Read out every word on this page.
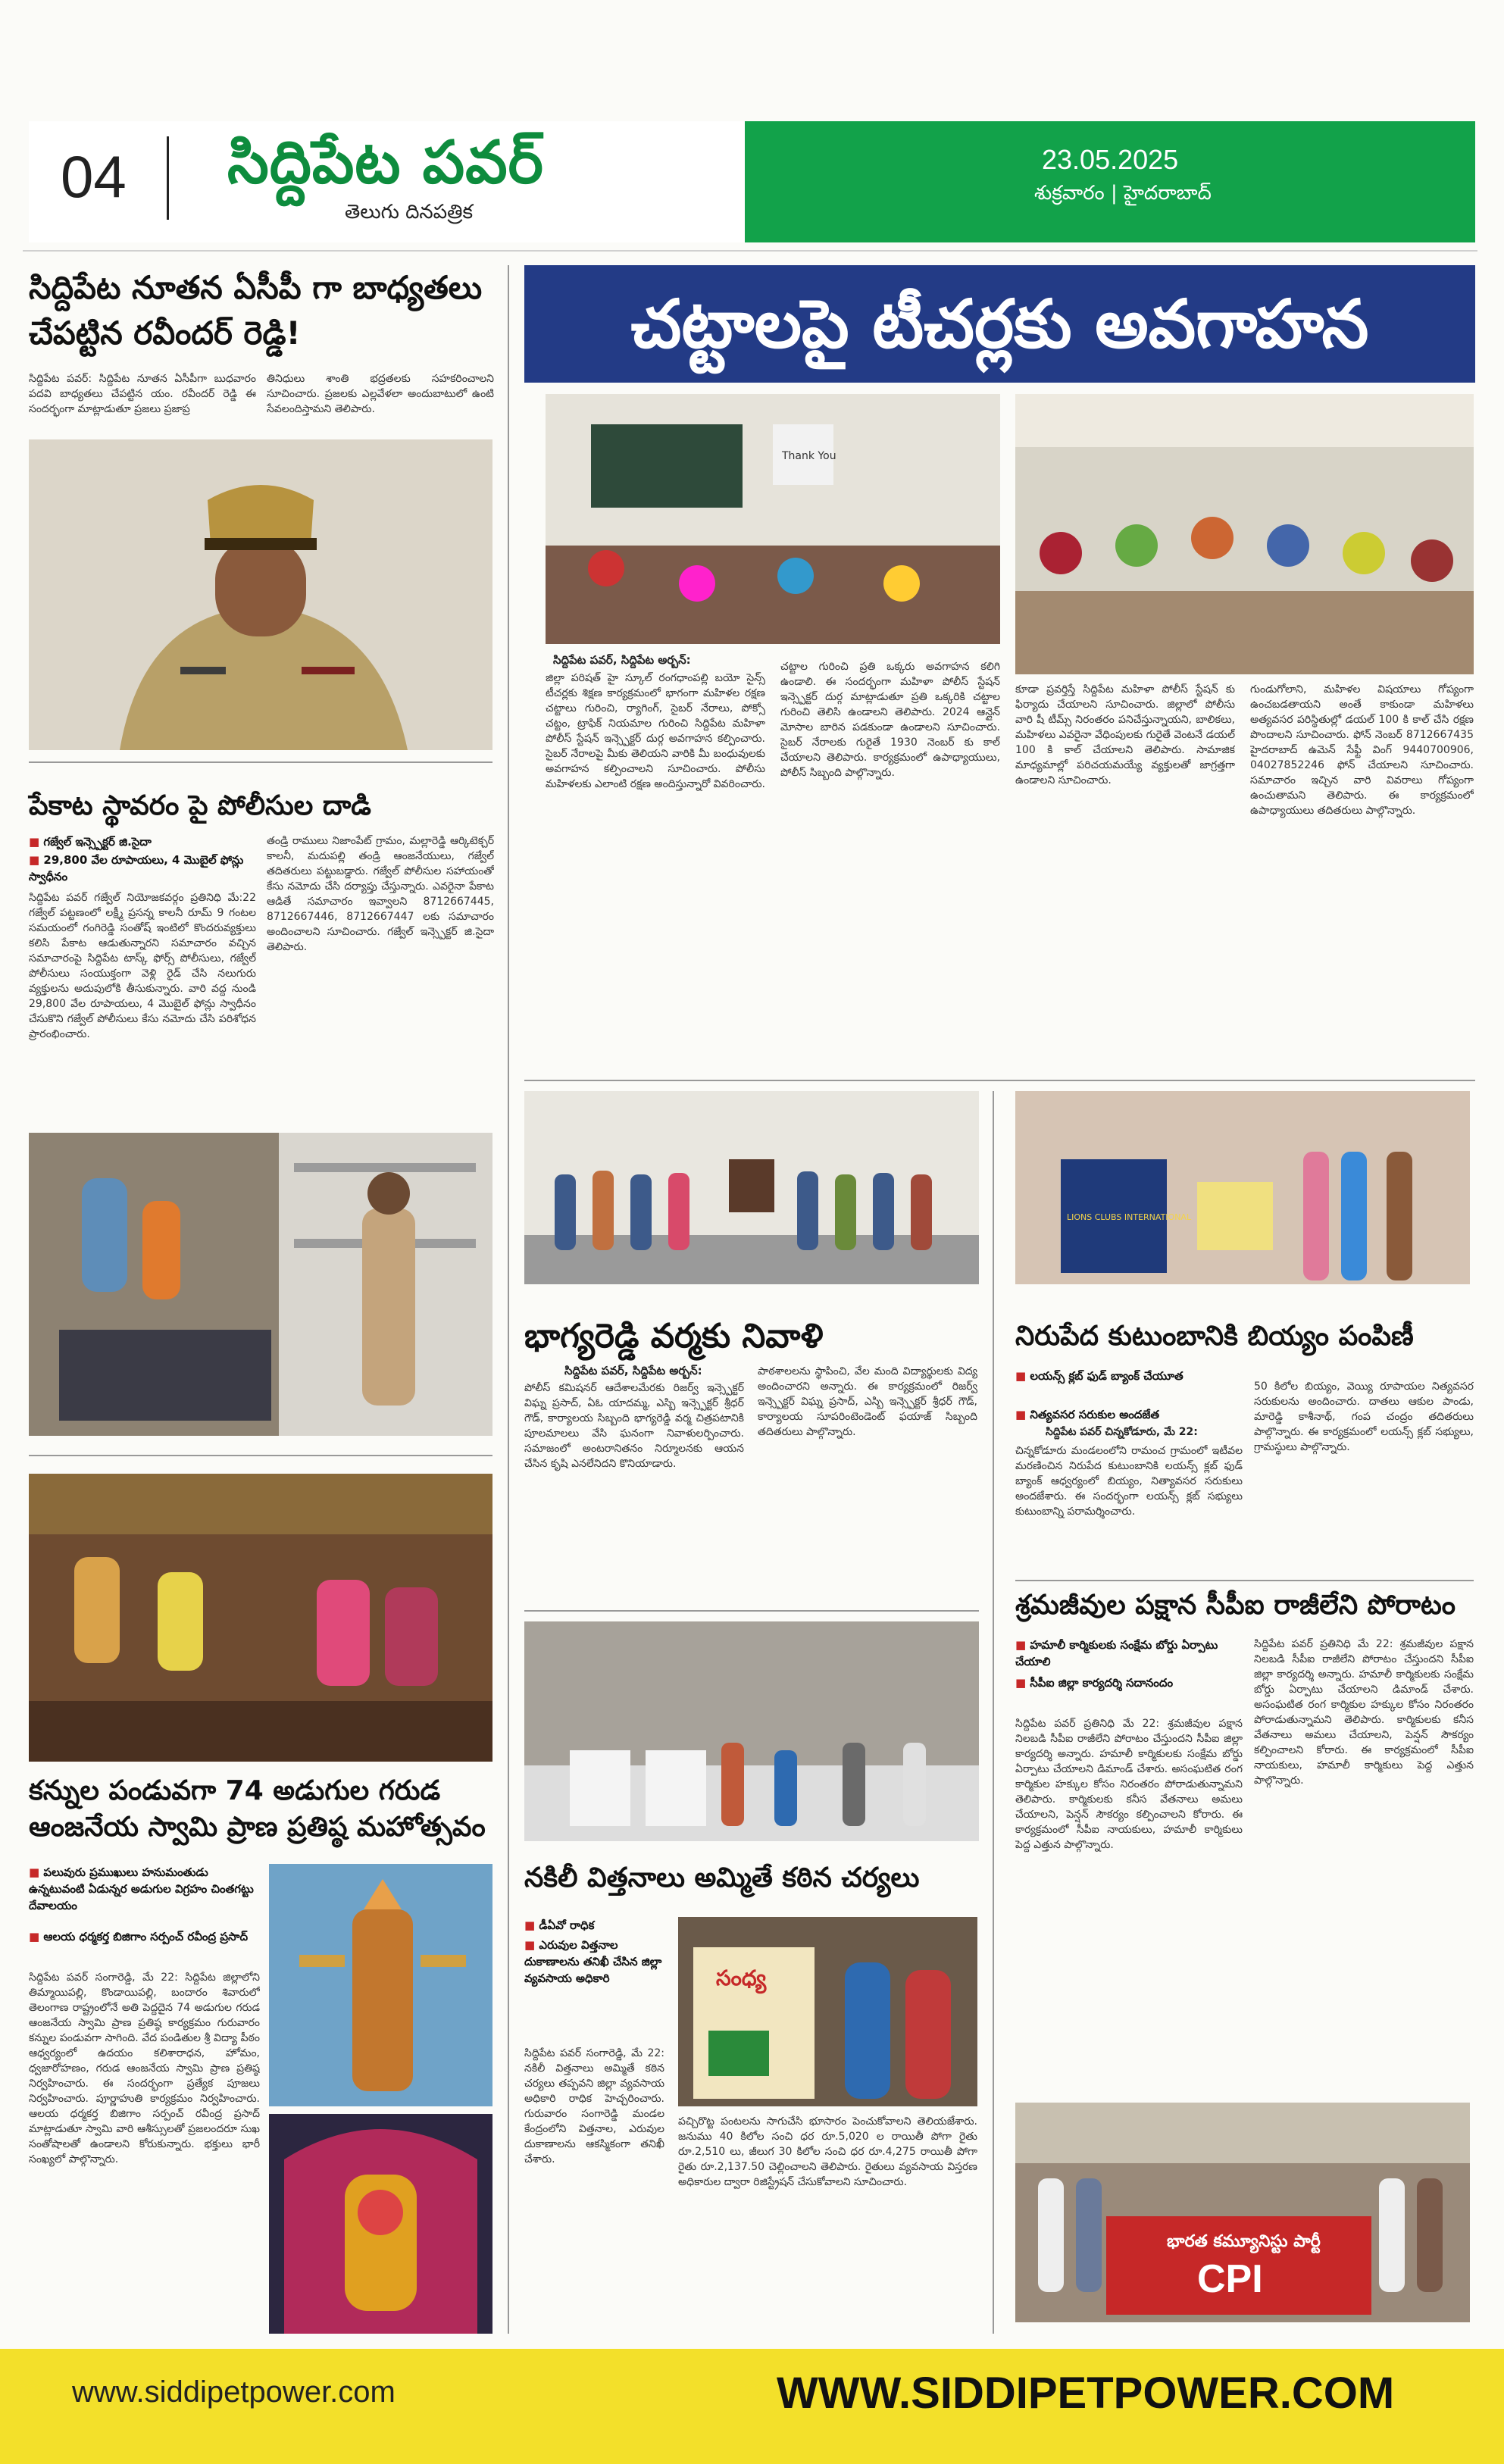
04 సిద్దిపేట పవర్
తెలుగు దినపత్రిక
23.05.2025
శుక్రవారం | హైదరాబాద్
సిద్దిపేట నూతన ఏసీపీ గా బాధ్యతలు చేపట్టిన రవీందర్ రెడ్డి!
సిద్దిపేట పవర్: సిద్దిపేట నూతన ఏసీపీగా బుధవారం పదవి బాధ్యతలు చేపట్టిన యం. రవీందర్ రెడ్డి ఈ సందర్భంగా మాట్లాడుతూ ప్రజలు ప్రజాప్ర
తినిధులు శాంతి భద్రతలకు సహకరించాలని సూచించారు. ప్రజలకు ఎల్లవేళలా అందుబాటులో ఉంటి సేవలందిస్తామని తెలిపారు.
పేకాట స్థావరం పై పోలీసుల దాడి
■ గజ్వేల్ ఇన్స్పెక్టర్ జి.సైదా
■ 29,800 వేల రూపాయలు, 4 మొబైల్ ఫోన్లు స్వాధీనం
సిద్దిపేట పవర్ గజ్వేల్ నియోజకవర్గం ప్రతినిధి మే:22 గజ్వేల్ పట్టణంలో లక్ష్మీ ప్రసన్న కాలనీ రూమ్ 9 గంటల సమయంలో గంగిరెడ్డి సంతోష్ ఇంటిలో కొందరువ్యక్తులు కలిసి పేకాట ఆడుతున్నారని సమాచారం వచ్చిన సమాచారంపై సిద్దిపేట టాస్క్ ఫోర్స్ పోలీసులు, గజ్వేల్ పోలీసులు సంయుక్తంగా వెళ్లి రైడ్ చేసి నలుగురు వ్యక్తులను అదుపులోకి తీసుకున్నారు. వారి వద్ద నుండి 29,800 వేల రూపాయలు, 4 మొబైల్ ఫోన్లు స్వాధీనం చేసుకొని గజ్వేల్ పోలీసులు కేసు నమోదు చేసి పరిశోధన ప్రారంభించారు.
తండ్రి రాములు నిజాంపేట్ గ్రామం, మల్లారెడ్డి ఆర్కిటెక్చర్ కాలనీ, మదుపల్లి తండ్రి ఆంజనేయులు, గజ్వేల్ తదితరులు పట్టుబడ్డారు. గజ్వేల్ పోలీసుల సహాయంతో కేసు నమోదు చేసి దర్యాప్తు చేస్తున్నారు. ఎవరైనా పేకాట ఆడితే సమాచారం ఇవ్వాలని 8712667445, 8712667446, 8712667447 లకు సమాచారం అందించాలని సూచించారు. గజ్వేల్ ఇన్స్పెక్టర్ జి.సైదా తెలిపారు.
కన్నుల పండువగా 74 అడుగుల గరుడ ఆంజనేయ స్వామి ప్రాణ ప్రతిష్ఠ మహోత్సవం
■ పలువురు ప్రముఖులు హనుమంతుడు ఉన్నటువంటి ఏడున్నర అడుగుల విగ్రహం చింతగట్టు దేవాలయం
■ ఆలయ ధర్మకర్త బిజిగాం సర్పంచ్ రవీంద్ర ప్రసాద్
సిద్దిపేట పవర్ సంగారెడ్డి, మే 22: సిద్దిపేట జిల్లాలోని తిమ్మాయిపల్లి, కొండాయిపల్లి, బందారం శివారులో తెలంగాణ రాష్ట్రంలోనే అతి పెద్దదైన 74 అడుగుల గరుడ ఆంజనేయ స్వామి ప్రాణ ప్రతిష్ఠ కార్యక్రమం గురువారం కన్నుల పండువగా సాగింది. వేద పండితుల శ్రీ విద్యా పీఠం ఆధ్వర్యంలో ఉదయం కలిశారాధన, హోమం, ధ్వజారోహణం, గరుడ ఆంజనేయ స్వామి ప్రాణ ప్రతిష్ఠ నిర్వహించారు. ఈ సందర్భంగా ప్రత్యేక పూజలు నిర్వహించారు. పూర్ణాహుతి కార్యక్రమం నిర్వహించారు. ఆలయ ధర్మకర్త బిజిగాం సర్పంచ్ రవీంద్ర ప్రసాద్ మాట్లాడుతూ స్వామి వారి ఆశీస్సులతో ప్రజలందరూ సుఖ సంతోషాలతో ఉండాలని కోరుకున్నారు. భక్తులు భారీ సంఖ్యలో పాల్గొన్నారు.
చట్టాలపై టీచర్లకు అవగాహన
Thank You
సిద్దిపేట పవర్, సిద్దిపేట అర్బన్:
జిల్లా పరిషత్ హై స్కూల్ రంగధాంపల్లి బయో సైన్స్ టీచర్లకు శిక్షణ కార్యక్రమంలో భాగంగా మహిళల రక్షణ చట్టాలు గురించి, ర్యాగింగ్, సైబర్ నేరాలు, పోక్సో చట్టం, ట్రాఫిక్ నియమాల గురించి సిద్దిపేట మహిళా పోలీస్ స్టేషన్ ఇన్స్పెక్టర్ దుర్గ అవగాహన కల్పించారు. సైబర్ నేరాలపై మీకు తెలియని వారికి మీ బంధువులకు అవగాహన కల్పించాలని సూచించారు. పోలీసు మహిళలకు ఎలాంటి రక్షణ అందిస్తున్నారో వివరించారు.
చట్టాల గురించి ప్రతి ఒక్కరు అవగాహన కలిగి ఉండాలి. ఈ సందర్భంగా మహిళా పోలీస్ స్టేషన్ ఇన్స్పెక్టర్ దుర్గ మాట్లాడుతూ ప్రతి ఒక్కరికి చట్టాల గురించి తెలిసి ఉండాలని తెలిపారు. 2024 ఆన్లైన్ మోసాల బారిన పడకుండా ఉండాలని సూచించారు. సైబర్ నేరాలకు గురైతే 1930 నెంబర్ కు కాల్ చేయాలని తెలిపారు. కార్యక్రమంలో ఉపాధ్యాయులు, పోలీస్ సిబ్బంది పాల్గొన్నారు.
కూడా ప్రవర్తిస్తే సిద్దిపేట మహిళా పోలీస్ స్టేషన్ కు ఫిర్యాదు చేయాలని సూచించారు. జిల్లాలో పోలీసు వారి షీ టీమ్స్ నిరంతరం పనిచేస్తున్నాయని, బాలికలు, మహిళలు ఎవరైనా వేధింపులకు గురైతే వెంటనే డయల్ 100 కి కాల్ చేయాలని తెలిపారు. సామాజిక మాధ్యమాల్లో పరిచయమయ్యే వ్యక్తులతో జాగ్రత్తగా ఉండాలని సూచించారు.
గుండుగోలాని, మహిళల విషయాలు గోప్యంగా ఉంచబడతాయని అంతే కాకుండా మహిళలు అత్యవసర పరిస్థితుల్లో డయల్ 100 కి కాల్ చేసి రక్షణ పొందాలని సూచించారు. ఫోన్ నెంబర్ 8712667435 హైదరాబాద్ ఉమెన్ సేఫ్టీ వింగ్ 9440700906, 04027852246 ఫోన్ చేయాలని సూచించారు. సమాచారం ఇచ్చిన వారి వివరాలు గోప్యంగా ఉంచుతామని తెలిపారు. ఈ కార్యక్రమంలో ఉపాధ్యాయులు తదితరులు పాల్గొన్నారు.
భాగ్యరెడ్డి వర్మకు నివాళి
సిద్దిపేట పవర్, సిద్దిపేట అర్బన్:
పోలీస్ కమిషనర్ ఆదేశాలమేరకు రిజర్వ్ ఇన్స్పెక్టర్ విఘ్న ప్రసాద్, ఏఓ యాదమ్మ, ఎస్బి ఇన్స్పెక్టర్ శ్రీధర్ గౌడ్, కార్యాలయ సిబ్బంది భాగ్యరెడ్డి వర్మ చిత్రపటానికి పూలమాలలు వేసి ఘనంగా నివాళులర్పించారు. సమాజంలో అంటరానితనం నిర్మూలనకు ఆయన చేసిన కృషి ఎనలేనిదని కొనియాడారు.
పాఠశాలలను స్థాపించి, వేల మంది విద్యార్థులకు విద్య అందించారని అన్నారు. ఈ కార్యక్రమంలో రిజర్వ్ ఇన్స్పెక్టర్ విఘ్న ప్రసాద్, ఎస్బి ఇన్స్పెక్టర్ శ్రీధర్ గౌడ్, కార్యాలయ సూపరింటెండెంట్ ఫయాజ్ సిబ్బంది తదితరులు పాల్గొన్నారు.
నకిలీ విత్తనాలు అమ్మితే కఠిన చర్యలు
■ డీఏవో రాధిక
■ ఎరువుల విత్తనాల దుకాణాలను తనిఖీ చేసిన జిల్లా వ్యవసాయ అధికారి
సిద్దిపేట పవర్ సంగారెడ్డి, మే 22: నకిలీ విత్తనాలు అమ్మితే కఠిన చర్యలు తప్పవని జిల్లా వ్యవసాయ అధికారి రాధిక హెచ్చరించారు. గురువారం సంగారెడ్డి మండల కేంద్రంలోని విత్తనాల, ఎరువుల దుకాణాలను ఆకస్మికంగా తనిఖీ చేశారు.
సంధ్య
పచ్చిరొట్ట పంటలను సాగుచేసి భూసారం పెంచుకోవాలని తెలియజేశారు. జనుము 40 కిలోల సంచి ధర రూ.5,020 ల రాయితీ పోగా రైతు రూ.2,510 లు, జీలుగ 30 కిలోల సంచి ధర రూ.4,275 రాయితీ పోగా రైతు రూ.2,137.50 చెల్లించాలని తెలిపారు. రైతులు వ్యవసాయ విస్తరణ అధికారుల ద్వారా రిజిస్ట్రేషన్ చేసుకోవాలని సూచించారు.
LIONS CLUBS INTERNATIONAL
నిరుపేద కుటుంబానికి బియ్యం పంపిణీ
■ లయన్స్ క్లబ్ ఫుడ్ బ్యాంక్ చేయూత
■ నిత్యవసర సరుకుల అందజేత
సిద్దిపేట పవర్ చిన్నకోడూరు, మే 22:
చిన్నకోడూరు మండలంలోని రామంచ గ్రామంలో ఇటీవల మరణించిన నిరుపేద కుటుంబానికి లయన్స్ క్లబ్ ఫుడ్ బ్యాంక్ ఆధ్వర్యంలో బియ్యం, నిత్యావసర సరుకులు అందజేశారు. ఈ సందర్భంగా లయన్స్ క్లబ్ సభ్యులు కుటుంబాన్ని పరామర్శించారు.
50 కిలోల బియ్యం, వెయ్యి రూపాయల నిత్యవసర సరుకులను అందించారు. దాతలు ఆకుల పాండు, మారెడ్డి కాశీనాథ్, గంప చంద్రం తదితరులు పాల్గొన్నారు. ఈ కార్యక్రమంలో లయన్స్ క్లబ్ సభ్యులు, గ్రామస్థులు పాల్గొన్నారు.
శ్రమజీవుల పక్షాన సీపీఐ రాజీలేని పోరాటం
■ హమాలీ కార్మికులకు సంక్షేమ బోర్డు ఏర్పాటు చేయాలి
■ సీపీఐ జిల్లా కార్యదర్శి సదానందం
సిద్దిపేట పవర్ ప్రతినిధి మే 22: శ్రమజీవుల పక్షాన నిలబడి సీపీఐ రాజీలేని పోరాటం చేస్తుందని సీపీఐ జిల్లా కార్యదర్శి అన్నారు. హమాలీ కార్మికులకు సంక్షేమ బోర్డు ఏర్పాటు చేయాలని డిమాండ్ చేశారు. అసంఘటిత రంగ కార్మికుల హక్కుల కోసం నిరంతరం పోరాడుతున్నామని తెలిపారు. కార్మికులకు కనీస వేతనాలు అమలు చేయాలని, పెన్షన్ సౌకర్యం కల్పించాలని కోరారు. ఈ కార్యక్రమంలో సీపీఐ నాయకులు, హమాలీ కార్మికులు పెద్ద ఎత్తున పాల్గొన్నారు.
సిద్దిపేట పవర్ ప్రతినిధి మే 22: శ్రమజీవుల పక్షాన నిలబడి సీపీఐ రాజీలేని పోరాటం చేస్తుందని సీపీఐ జిల్లా కార్యదర్శి అన్నారు. హమాలీ కార్మికులకు సంక్షేమ బోర్డు ఏర్పాటు చేయాలని డిమాండ్ చేశారు. అసంఘటిత రంగ కార్మికుల హక్కుల కోసం నిరంతరం పోరాడుతున్నామని తెలిపారు. కార్మికులకు కనీస వేతనాలు అమలు చేయాలని, పెన్షన్ సౌకర్యం కల్పించాలని కోరారు. ఈ కార్యక్రమంలో సీపీఐ నాయకులు, హమాలీ కార్మికులు పెద్ద ఎత్తున పాల్గొన్నారు.
భారత కమ్యూనిస్టు పార్టీ
CPI
www.siddipetpower.com	WWW.SIDDIPETPOWER.COM
